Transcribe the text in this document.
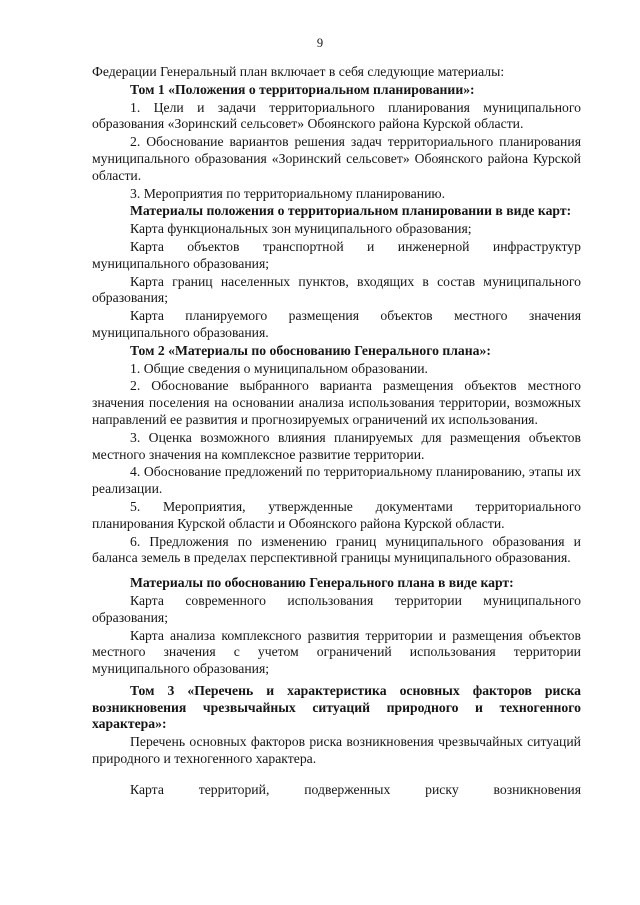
9

Федерации Генеральный план включает в себя следующие материалы:

Том 1 «Положения о территориальном планировании»:

1. Цели и задачи территориального планирования муниципального образования «Зоринский сельсовет» Обоянского района Курской области.

2. Обоснование вариантов решения задач территориального планирования муниципального образования «Зоринский сельсовет» Обоянского района Курской области.

3. Мероприятия по территориальному планированию.

Материалы положения о территориальном планировании в виде карт:

Карта функциональных зон муниципального образования;

Карта объектов транспортной и инженерной инфраструктур муниципального образования;

Карта границ населенных пунктов, входящих в состав муниципального образования;

Карта планируемого размещения объектов местного значения муниципального образования.

Том 2 «Материалы по обоснованию Генерального плана»:

1. Общие сведения о муниципальном образовании.

2. Обоснование выбранного варианта размещения объектов местного значения поселения на основании анализа использования территории, возможных направлений ее развития и прогнозируемых ограничений их использования.

3. Оценка возможного влияния планируемых для размещения объектов местного значения на комплексное развитие территории.

4. Обоснование предложений по территориальному планированию, этапы их реализации.

5. Мероприятия, утвержденные документами территориального планирования Курской области и Обоянского района Курской области.

6. Предложения по изменению границ муниципального образования и баланса земель в пределах перспективной границы муниципального образования.

Материалы по обоснованию Генерального плана в виде карт:

Карта современного использования территории муниципального образования;

Карта анализа комплексного развития территории и размещения объектов местного значения с учетом ограничений использования территории муниципального образования;

Том 3 «Перечень и характеристика основных факторов риска возникновения чрезвычайных ситуаций природного и техногенного характера»:

Перечень основных факторов риска возникновения чрезвычайных ситуаций природного и техногенного характера.

Карта территорий, подверженных риску возникновения
